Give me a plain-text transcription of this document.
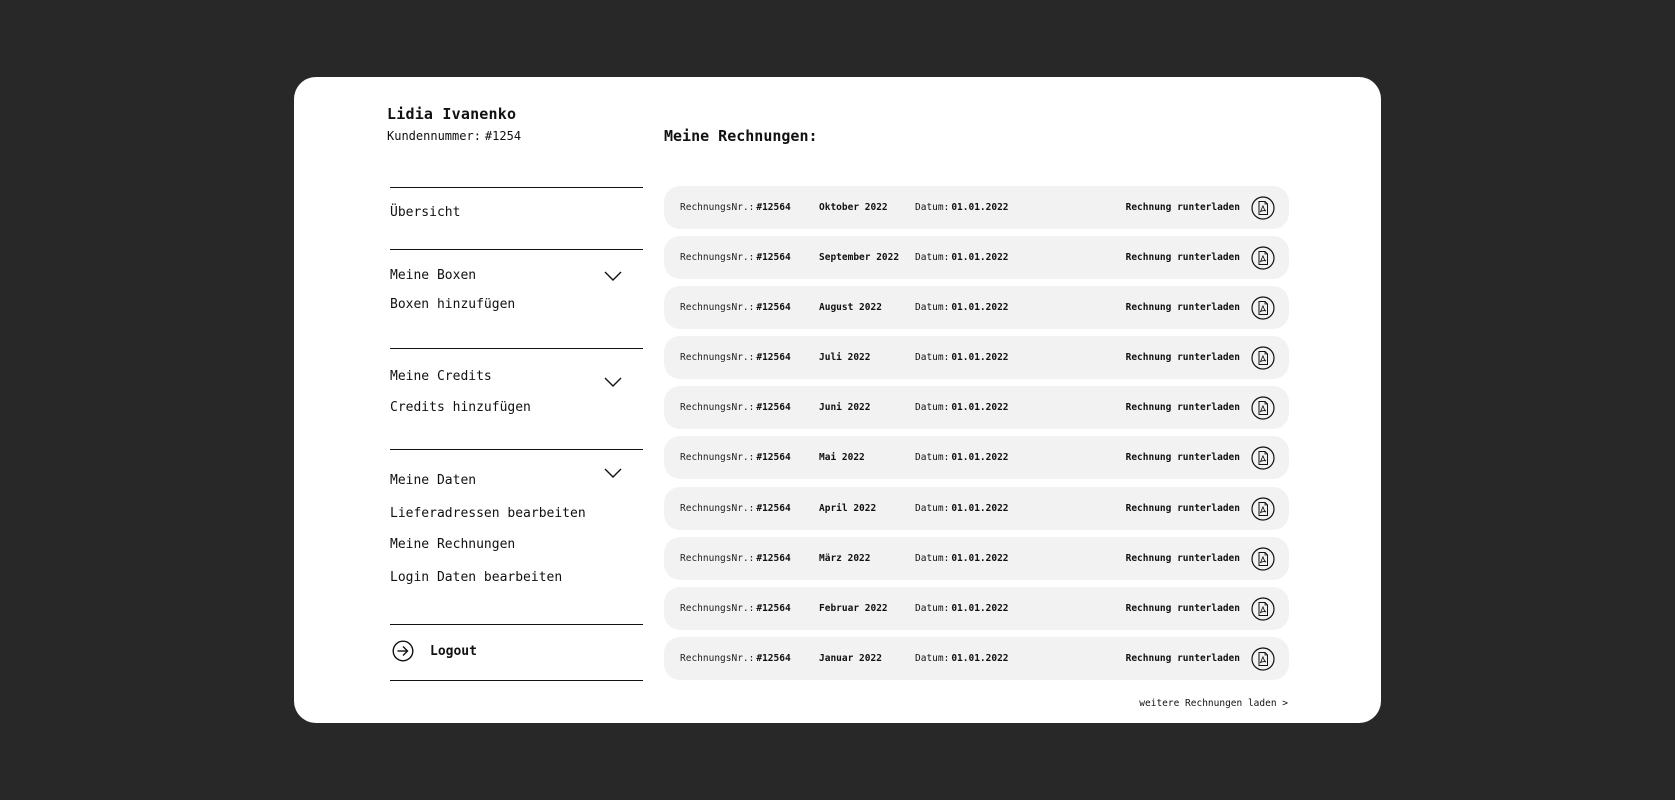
Lidia Ivanenko
Kundennummer: #1254
Übersicht
Meine Boxen
Boxen hinzufügen
Meine Credits
Credits hinzufügen
Meine Daten
Lieferadressen bearbeiten
Meine Rechnungen
Login Daten bearbeiten
Logout
Meine Rechnungen:
RechnungsNr.: #12564	Oktober 2022	Datum: 01.01.2022	Rechnung runterladen
RechnungsNr.: #12564	September 2022 Datum: 01.01.2022	Rechnung runterladen
RechnungsNr.: #12564	August 2022	Datum: 01.01.2022	Rechnung runterladen
RechnungsNr.: #12564	Juli 2022	Datum: 01.01.2022	Rechnung runterladen
RechnungsNr.: #12564	Juni 2022	Datum: 01.01.2022	Rechnung runterladen
RechnungsNr.: #12564	Mai 2022	Datum: 01.01.2022	Rechnung runterladen
RechnungsNr.: #12564	April 2022	Datum: 01.01.2022	Rechnung runterladen
RechnungsNr.: #12564	März 2022	Datum: 01.01.2022	Rechnung runterladen
RechnungsNr.: #12564	Februar 2022	Datum: 01.01.2022	Rechnung runterladen
RechnungsNr.: #12564	Januar 2022	Datum: 01.01.2022	Rechnung runterladen
weitere Rechnungen laden >
